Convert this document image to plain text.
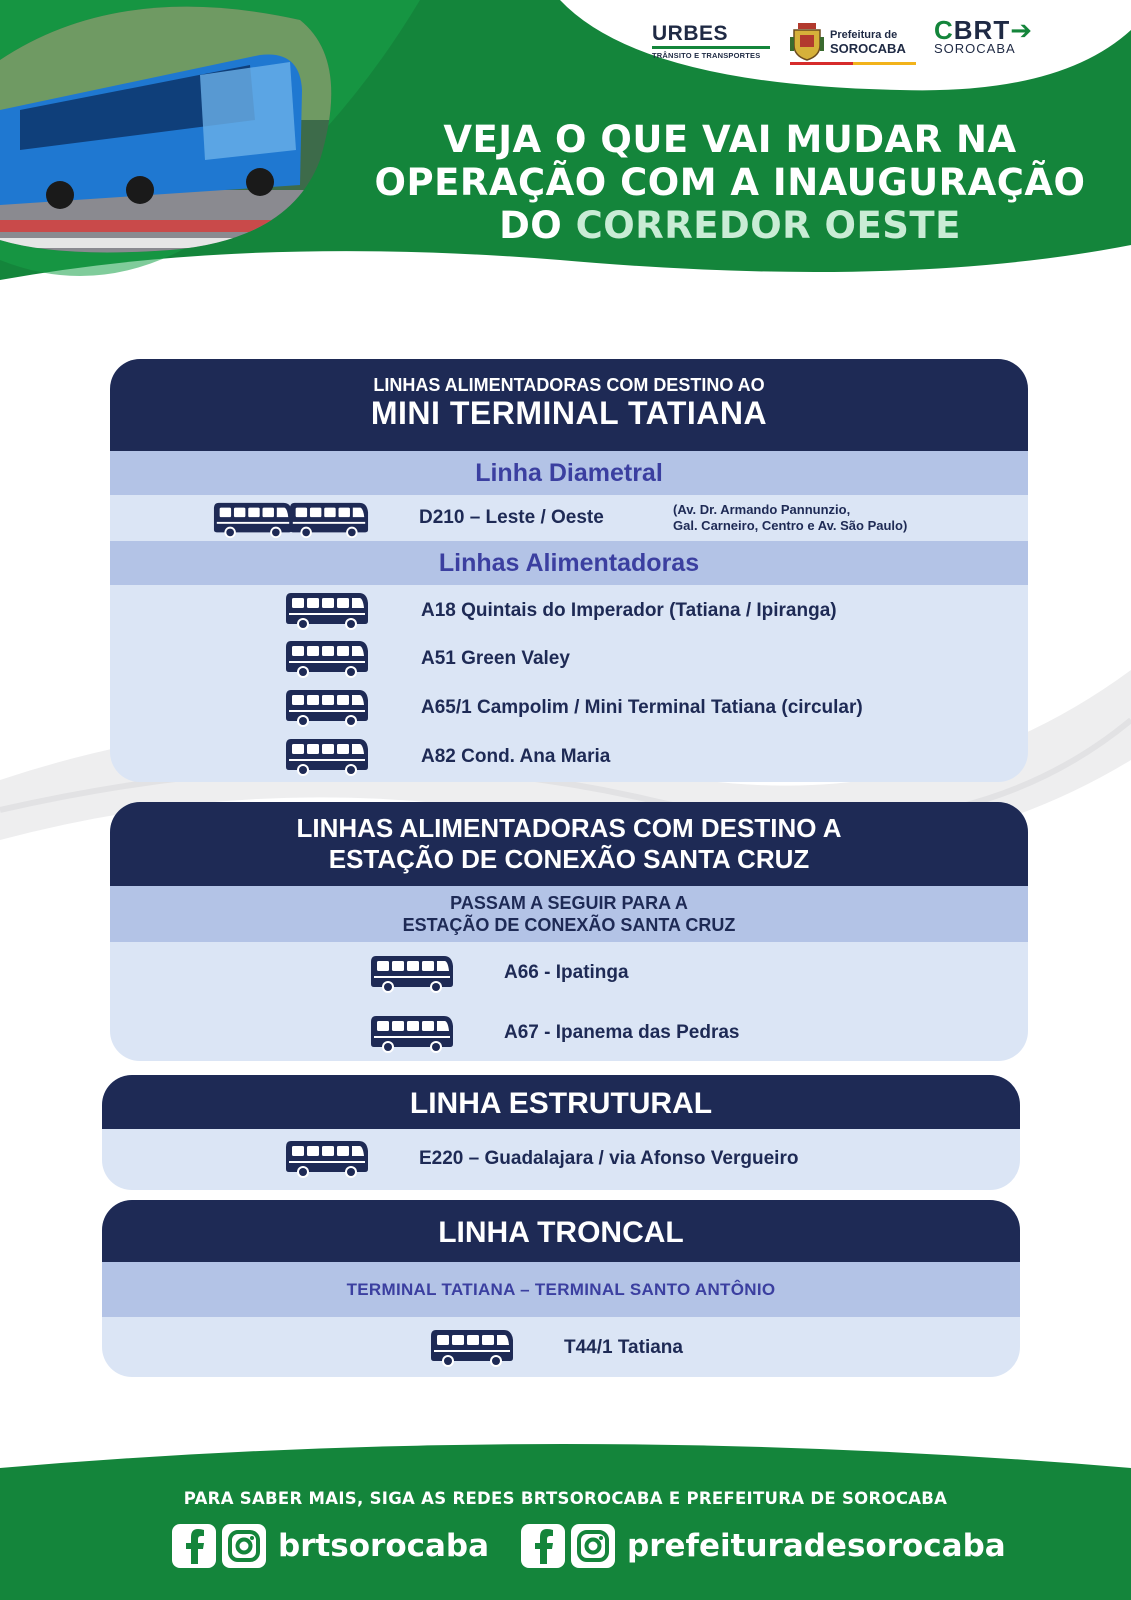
URBES
TRÂNSITO E TRANSPORTES
Prefeitura de
SOROCABA
CBRT➔
SOROCABA
VEJA O QUE VAI MUDAR NA
OPERAÇÃO COM A INAUGURAÇÃO
DO CORREDOR OESTE
LINHAS ALIMENTADORAS COM DESTINO AO
MINI TERMINAL TATIANA
Linha Diametral
D210 – Leste / Oeste	(Av. Dr. Armando Pannunzio,
Gal. Carneiro, Centro e Av. São Paulo)
Linhas Alimentadoras
A18 Quintais do Imperador (Tatiana / Ipiranga)
A51 Green Valey
A65/1 Campolim / Mini Terminal Tatiana (circular)
A82 Cond. Ana Maria
LINHAS ALIMENTADORAS COM DESTINO A
ESTAÇÃO DE CONEXÃO SANTA CRUZ
PASSAM A SEGUIR PARA A
ESTAÇÃO DE CONEXÃO SANTA CRUZ
A66 - Ipatinga
A67 - Ipanema das Pedras
LINHA ESTRUTURAL
E220 – Guadalajara / via Afonso Vergueiro
LINHA TRONCAL
TERMINAL TATIANA – TERMINAL SANTO ANTÔNIO
T44/1 Tatiana
PARA SABER MAIS, SIGA AS REDES BRTSOROCABA E PREFEITURA DE SOROCABA
brtsorocaba	prefeituradesorocaba
